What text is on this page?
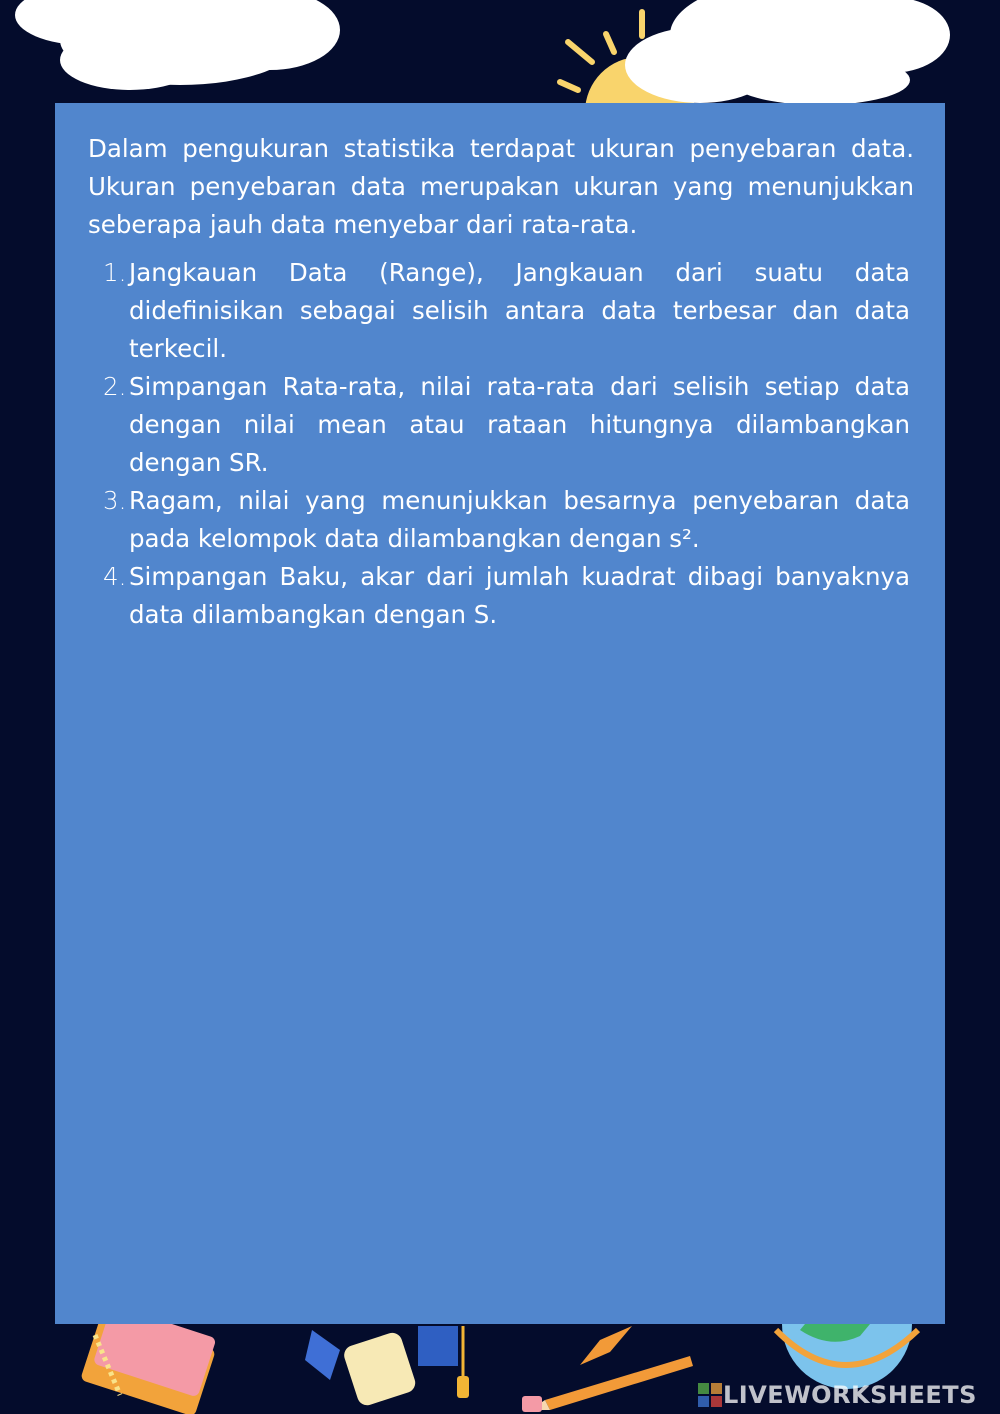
Dalam pengukuran statistika terdapat ukuran penyebaran data. Ukuran penyebaran data merupakan ukuran yang menunjukkan seberapa jauh data menyebar dari rata-rata.

1. Jangkauan Data (Range), Jangkauan dari suatu data didefinisikan sebagai selisih antara data terbesar dan data terkecil.
2. Simpangan Rata-rata, nilai rata-rata dari selisih setiap data dengan nilai mean atau rataan hitungnya dilambangkan dengan SR.
3. Ragam, nilai yang menunjukkan besarnya penyebaran data pada kelompok data dilambangkan dengan s².
4. Simpangan Baku, akar dari jumlah kuadrat dibagi banyaknya data dilambangkan dengan S.
LIVEWORKSHEETS
